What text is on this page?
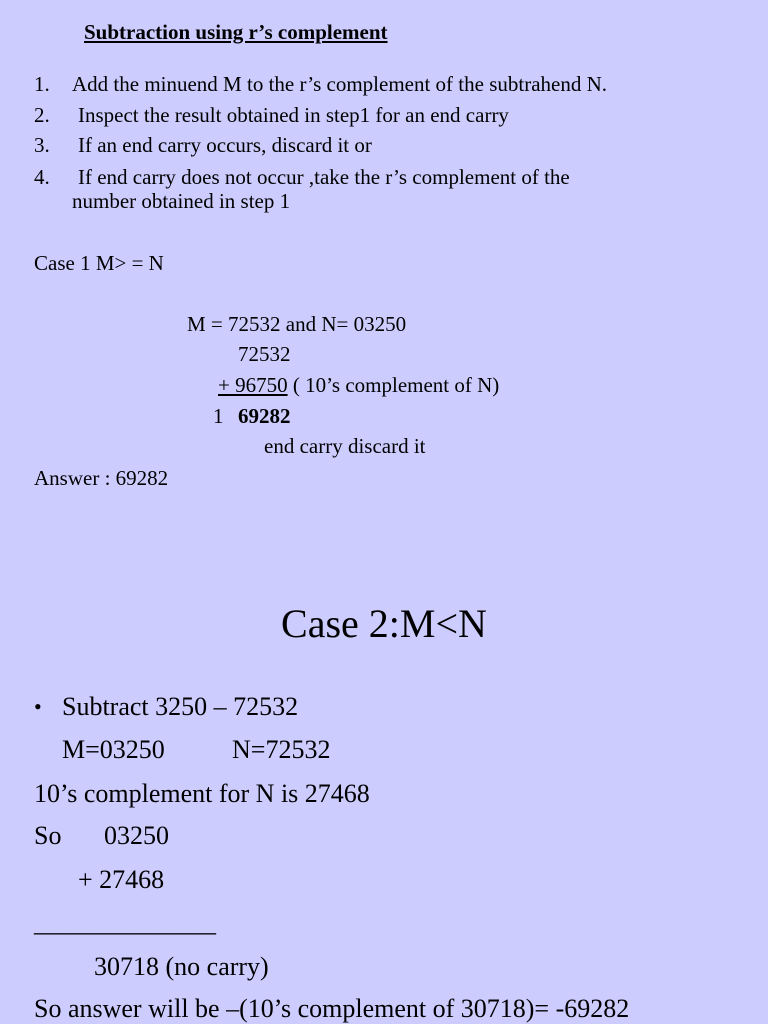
Subtraction using r’s complement
1. Add the minuend M to the r’s complement of the subtrahend N.
2. Inspect the result obtained in step1 for an end carry
3. If an end carry occurs, discard it or
4. If end carry does not occur ,take the r’s complement of the
number obtained in step 1
Case 1 M> = N
M = 72532 and N= 03250
72532
+ 96750 ( 10’s complement of N)
1 69282
end carry discard it
Answer : 69282
Case 2:M<N
• Subtract 3250 – 72532
M=03250	N=72532
10’s complement for N is 27468
So 03250
+ 27468
______________
30718 (no carry)
So answer will be –(10’s complement of 30718)= -69282
